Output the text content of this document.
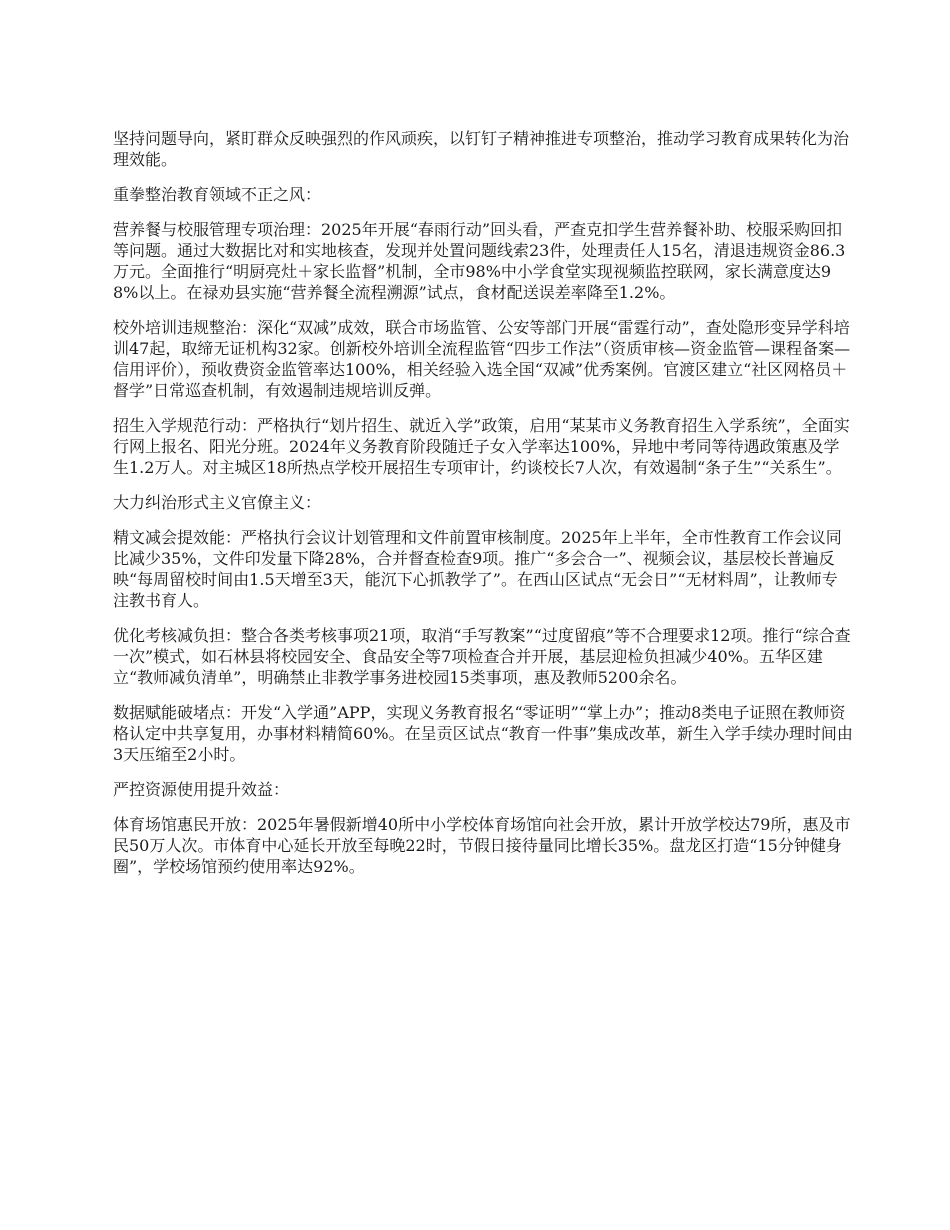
坚持问题导向，紧盯群众反映强烈的作风顽疾，以钉钉子精神推进专项整治，推动学习教育成果转化为治理效能。

重拳整治教育领域不正之风：

营养餐与校服管理专项治理：2025年开展“春雨行动”回头看，严查克扣学生营养餐补助、校服采购回扣等问题。通过大数据比对和实地核查，发现并处置问题线索23件，处理责任人15名，清退违规资金86.3万元。全面推行“明厨亮灶＋家长监督”机制，全市98%中小学食堂实现视频监控联网，家长满意度达98%以上。在禄劝县实施“营养餐全流程溯源”试点，食材配送误差率降至1.2%。

校外培训违规整治：深化“双减”成效，联合市场监管、公安等部门开展“雷霆行动”，查处隐形变异学科培训47起，取缔无证机构32家。创新校外培训全流程监管“四步工作法”（资质审核—资金监管—课程备案—信用评价），预收费资金监管率达100%，相关经验入选全国“双减”优秀案例。官渡区建立“社区网格员＋督学”日常巡查机制，有效遏制违规培训反弹。

招生入学规范行动：严格执行“划片招生、就近入学”政策，启用“某某市义务教育招生入学系统”，全面实行网上报名、阳光分班。2024年义务教育阶段随迁子女入学率达100%，异地中考同等待遇政策惠及学生1.2万人。对主城区18所热点学校开展招生专项审计，约谈校长7人次，有效遏制“条子生”“关系生”。

大力纠治形式主义官僚主义：

精文减会提效能：严格执行会议计划管理和文件前置审核制度。2025年上半年，全市性教育工作会议同比减少35%，文件印发量下降28%，合并督查检查9项。推广“多会合一”、视频会议，基层校长普遍反映“每周留校时间由1.5天增至3天，能沉下心抓教学了”。在西山区试点“无会日”“无材料周”，让教师专注教书育人。

优化考核减负担：整合各类考核事项21项，取消“手写教案”“过度留痕”等不合理要求12项。推行“综合查一次”模式，如石林县将校园安全、食品安全等7项检查合并开展，基层迎检负担减少40%。五华区建立“教师减负清单”，明确禁止非教学事务进校园15类事项，惠及教师5200余名。

数据赋能破堵点：开发“入学通”APP，实现义务教育报名“零证明”“掌上办”；推动8类电子证照在教师资格认定中共享复用，办事材料精简60%。在呈贡区试点“教育一件事”集成改革，新生入学手续办理时间由3天压缩至2小时。

严控资源使用提升效益：

体育场馆惠民开放：2025年暑假新增40所中小学校体育场馆向社会开放，累计开放学校达79所，惠及市民50万人次。市体育中心延长开放至每晚22时，节假日接待量同比增长35%。盘龙区打造“15分钟健身圈”，学校场馆预约使用率达92%。
